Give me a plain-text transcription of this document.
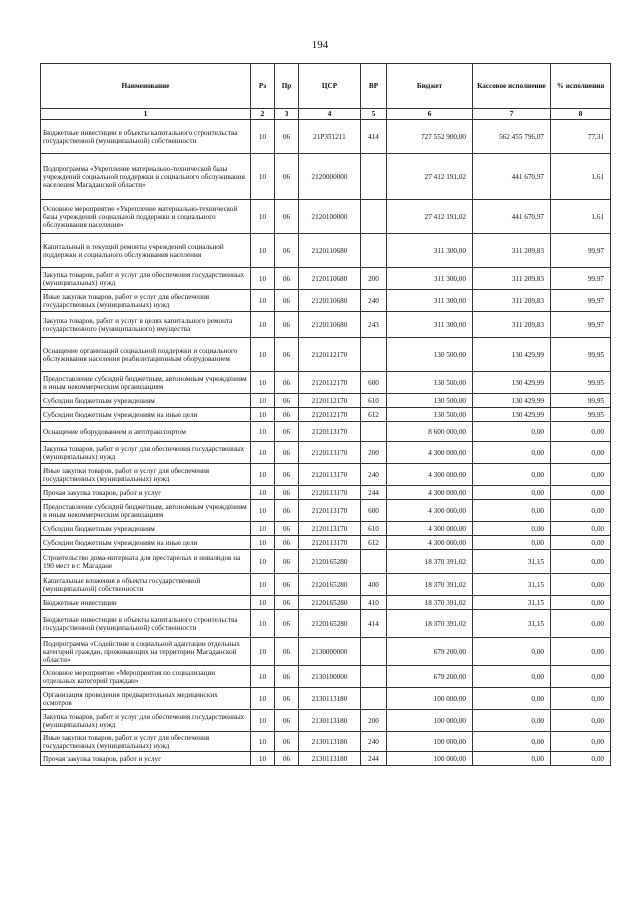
194
Наименование	Рз	Пр	ЦСР	ВР	Бюджет	Кассовое исполнение	% исполнения
1	2	3	4	5	6	7	8
Бюджетные инвестиции в объекты капитального строительства государственной (муниципальной) собственности	10	06	21Р351211	414	727 552 900,00	562 455 796,07	77,31
Подпрограмма «Укрепление материально-технической базы учреждений социальной поддержки и социального обслуживания населения Магаданской области»	10	06	2120000000		27 412 191,02	441 670,97	1,61
Основное мероприятие «Укрепление материально-технической базы учреждений социальной поддержки и социального обслуживания населения»	10	06	2120100000		27 412 191,02	441 670,97	1,61
Капитальный и текущий ремонты учреждений социальной поддержки и социального обслуживания населения	10	06	2120110680		311 300,00	311 209,83	99,97
Закупка товаров, работ и услуг для обеспечения государственных (муниципальных) нужд	10	06	2120110680	200	311 300,00	311 209,83	99,97
Иные закупки товаров, работ и услуг для обеспечения государственных (муниципальных) нужд	10	06	2120110680	240	311 300,00	311 209,83	99,97
Закупка товаров, работ и услуг в целях капитального ремонта государственного (муниципального) имущества	10	06	2120110680	243	311 300,00	311 209,83	99,97
Оснащение организаций социальной поддержки и социального обслуживания населения реабилитационным оборудованием	10	06	2120112170		130 500,00	130 429,99	99,95
Предоставление субсидий бюджетным, автономным учреждениям и иным некоммерческим организациям	10	06	2120112170	600	130 500,00	130 429,99	99,95
Субсидии бюджетным учреждениям	10	06	2120112170	610	130 500,00	130 429,99	99,95
Субсидии бюджетным учреждениям на иные цели	10	06	2120112170	612	130 500,00	130 429,99	99,95
Оснащение оборудованием и автотранспортом	10	06	2120113170		8 600 000,00	0,00	0,00
Закупка товаров, работ и услуг для обеспечения государственных (муниципальных) нужд	10	06	2120113170	200	4 300 000,00	0,00	0,00
Иные закупки товаров, работ и услуг для обеспечения государственных (муниципальных) нужд	10	06	2120113170	240	4 300 000,00	0,00	0,00
Прочая закупка товаров, работ и услуг	10	06	2120113170	244	4 300 000,00	0,00	0,00
Предоставление субсидий бюджетным, автономным учреждениям и иным некоммерческим организациям	10	06	2120113170	600	4 300 000,00	0,00	0,00
Субсидии бюджетным учреждениям	10	06	2120113170	610	4 300 000,00	0,00	0,00
Субсидии бюджетным учреждениям на иные цели	10	06	2120113170	612	4 300 000,00	0,00	0,00
Строительство дома-интерната для престарелых и инвалидов на 190 мест в г. Магадане	10	06	2120165280		18 370 391,02	31,15	0,00
Капитальные вложения в объекты государственной (муниципальной) собственности	10	06	2120165280	400	18 370 391,02	31,15	0,00
Бюджетные инвестиции	10	06	2120165280	410	18 370 391,02	31,15	0,00
Бюджетные инвестиции в объекты капитального строительства государственной (муниципальной) собственности	10	06	2120165280	414	18 370 391,02	31,15	0,00
Подпрограмма «Содействие в социальной адаптации отдельных категорий граждан, проживающих на территории Магаданской области»	10	06	2130000000		679 200,00	0,00	0,00
Основное мероприятие «Мероприятия по социализации отдельных категорий граждан»	10	06	2130100000		679 200,00	0,00	0,00
Организация проведения предварительных медицинских осмотров	10	06	2130113180		100 000,00	0,00	0,00
Закупка товаров, работ и услуг для обеспечения государственных (муниципальных) нужд	10	06	2130113180	200	100 000,00	0,00	0,00
Иные закупки товаров, работ и услуг для обеспечения государственных (муниципальных) нужд	10	06	2130113180	240	100 000,00	0,00	0,00
Прочая закупка товаров, работ и услуг	10	06	2130113180	244	100 000,00	0,00	0,00
